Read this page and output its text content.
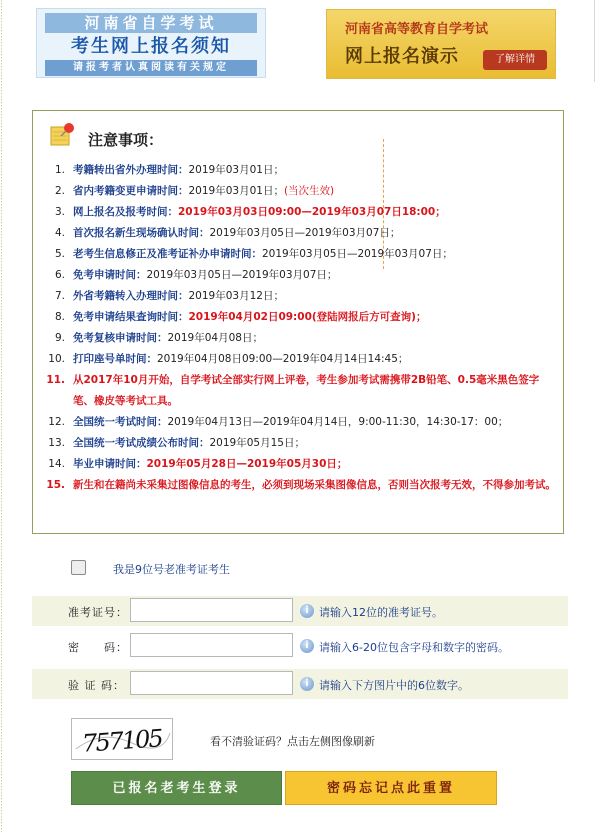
河南省自学考试
考生网上报名须知
请报考者认真阅读有关规定
河南省高等教育自学考试
网上报名演示	了解详情
注意事项：
1. 考籍转出省外办理时间：2019年03月01日；
2. 省内考籍变更申请时间：2019年03月01日；(当次生效)
3. 网上报名及报考时间：2019年03月03日09:00—2019年03月07日18:00；
4. 首次报名新生现场确认时间：2019年03月05日—2019年03月07日；
5. 老考生信息修正及准考证补办申请时间：2019年03月05日—2019年03月07日；
6. 免考申请时间：2019年03月05日—2019年03月07日；
7. 外省考籍转入办理时间：2019年03月12日；
8. 免考申请结果查询时间：2019年04月02日09:00(登陆网报后方可查询)；
9. 免考复核申请时间：2019年04月08日；
10. 打印座号单时间：2019年04月08日09:00—2019年04月14日14:45；
11. 从2017年10月开始，自学考试全部实行网上评卷，考生参加考试需携带2B铅笔、0.5毫米黑色签字笔、橡皮等考试工具。
12. 全国统一考试时间：2019年04月13日—2019年04月14日，9:00-11:30，14:30-17：00；
13. 全国统一考试成绩公布时间：2019年05月15日；
14. 毕业申请时间：2019年05月28日—2019年05月30日；
15. 新生和在籍尚未采集过图像信息的考生，必须到现场采集图像信息，否则当次报考无效，不得参加考试。
我是9位号老准考证考生
准考证号：	i 请输入12位的准考证号。
密　　码：	i 请输入6-20位包含字母和数字的密码。
验 证 码：	i 请输入下方图片中的6位数字。
757105	看不清验证码？点击左侧图像刷新
已报名老考生登录	密码忘记点此重置
